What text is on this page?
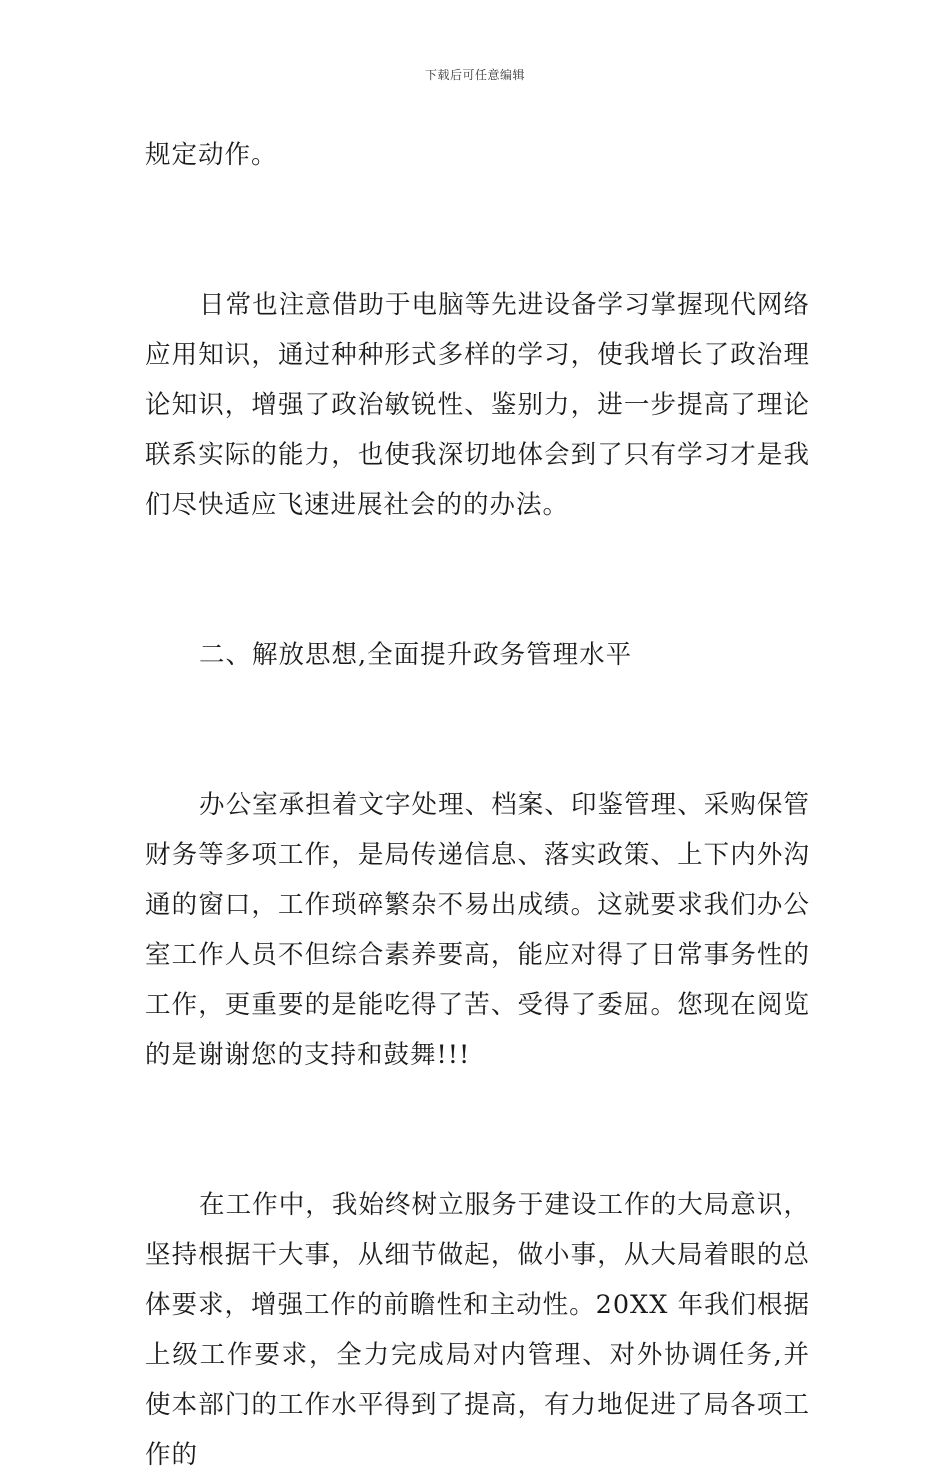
下载后可任意编辑

规定动作。

日常也注意借助于电脑等先进设备学习掌握现代网络应用知识，通过种种形式多样的学习，使我增长了政治理论知识，增强了政治敏锐性、鉴别力，进一步提高了理论联系实际的能力，也使我深切地体会到了只有学习才是我们尽快适应飞速进展社会的的办法。

二、解放思想,全面提升政务管理水平

办公室承担着文字处理、档案、印鉴管理、采购保管财务等多项工作，是局传递信息、落实政策、上下内外沟通的窗口，工作琐碎繁杂不易出成绩。这就要求我们办公室工作人员不但综合素养要高，能应对得了日常事务性的工作，更重要的是能吃得了苦、受得了委屈。您现在阅览的是谢谢您的支持和鼓舞!!!

在工作中，我始终树立服务于建设工作的大局意识，坚持根据干大事，从细节做起，做小事，从大局着眼的总体要求，增强工作的前瞻性和主动性。20XX 年我们根据上级工作要求，全力完成局对内管理、对外协调任务,并使本部门的工作水平得到了提高，有力地促进了局各项工作的
